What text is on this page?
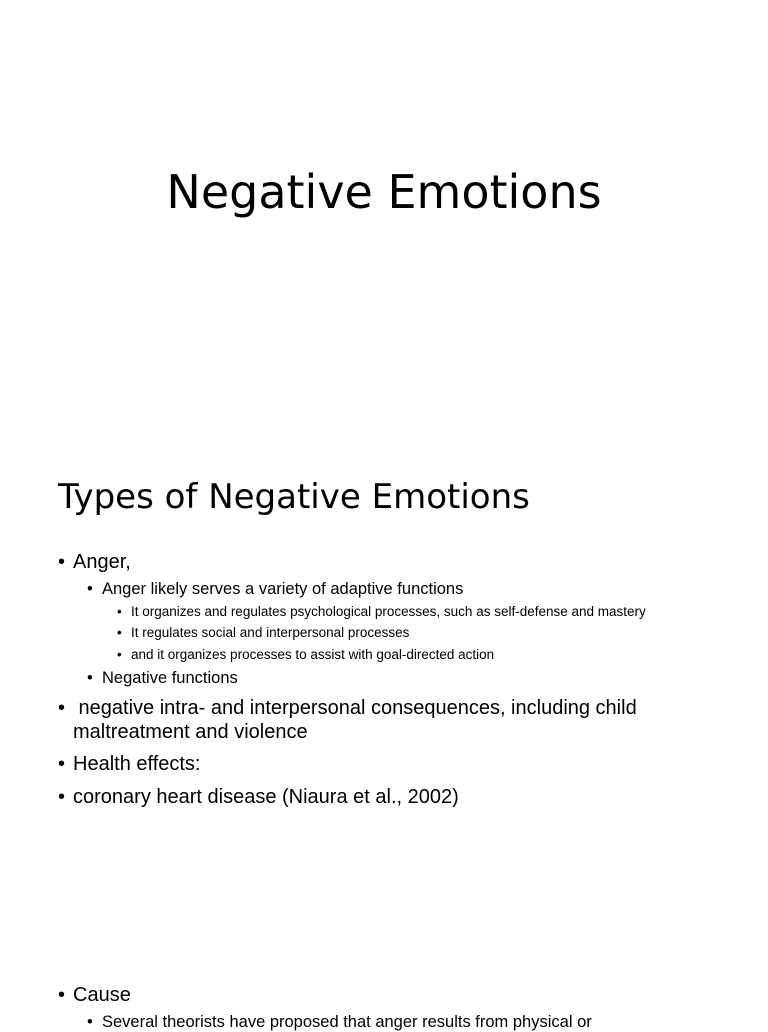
Negative Emotions
Types of Negative Emotions
• Anger,
• Anger likely serves a variety of adaptive functions
• It organizes and regulates psychological processes, such as self-defense and mastery
• It regulates social and interpersonal processes
• and it organizes processes to assist with goal-directed action
• Negative functions
• negative intra- and interpersonal consequences, including child
maltreatment and violence
• Health effects:
• coronary heart disease (Niaura et al., 2002)
• Cause
• Several theorists have proposed that anger results from physical or
